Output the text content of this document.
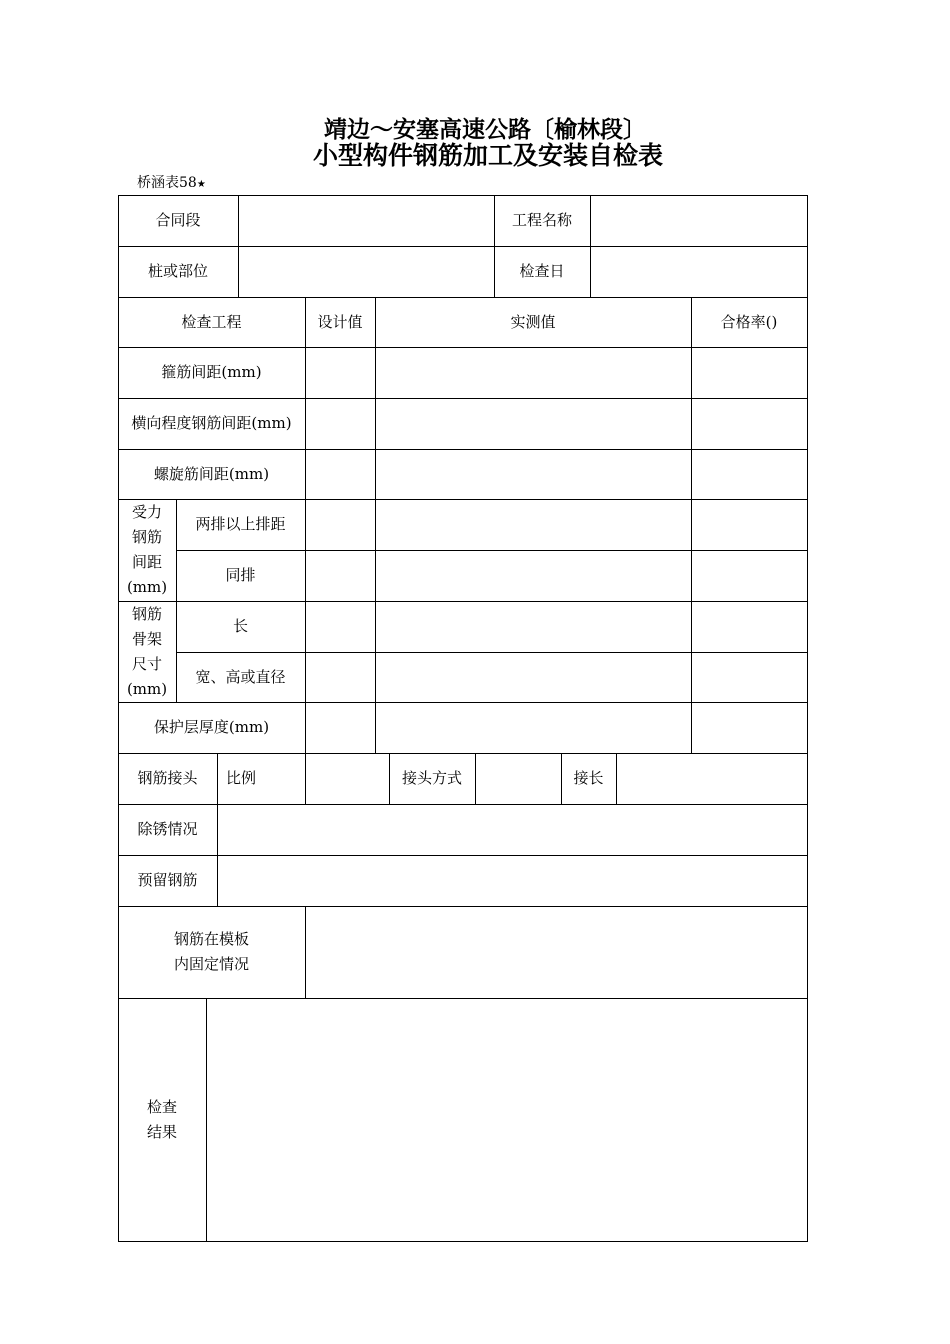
靖边～安塞高速公路〔榆林段〕
小型构件钢筋加工及安装自检表
桥涵表58★
合同段	工程名称
桩或部位	检查日
检查工程	设计值	实测值	合格率()
箍筋间距(mm)
横向程度钢筋间距(mm)
螺旋筋间距(mm)
受力钢筋间距(mm)
两排以上排距
同排
钢筋骨架尺寸(mm)
长
宽、高或直径
保护层厚度(mm)
钢筋接头	比例	接头方式	接长
除锈情况
预留钢筋
钢筋在模板
内固定情况
检查
结果
